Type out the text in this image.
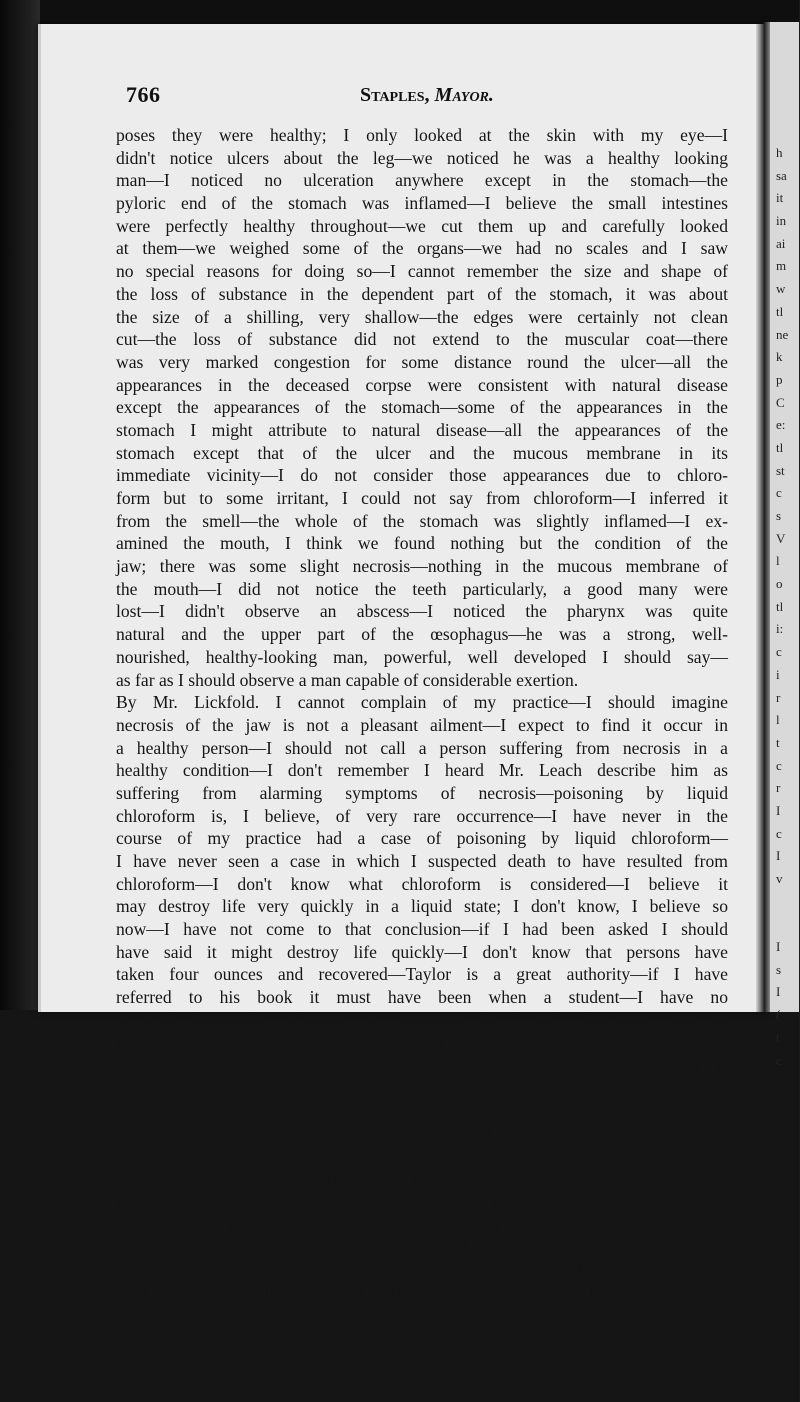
h
sa
it
in
ai
m
w
tl
ne
k
p
C
e:
tl
st
c
s
V
l
o
tl
i:
c
i
r
l
t
c
r
I
c
I
v
I
s
I
(
t
c
766	Staples, Mayor.
poses they were healthy; I only looked at the skin with my eye—I
didn't notice ulcers about the leg—we noticed he was a healthy looking
man—I noticed no ulceration anywhere except in the stomach—the
pyloric end of the stomach was inflamed—I believe the small intestines
were perfectly healthy throughout—we cut them up and carefully looked
at them—we weighed some of the organs—we had no scales and I saw
no special reasons for doing so—I cannot remember the size and shape of
the loss of substance in the dependent part of the stomach, it was about
the size of a shilling, very shallow—the edges were certainly not clean
cut—the loss of substance did not extend to the muscular coat—there
was very marked congestion for some distance round the ulcer—all the
appearances in the deceased corpse were consistent with natural disease
except the appearances of the stomach—some of the appearances in the
stomach I might attribute to natural disease—all the appearances of the
stomach except that of the ulcer and the mucous membrane in its
immediate vicinity—I do not consider those appearances due to chloro-
form but to some irritant, I could not say from chloroform—I inferred it
from the smell—the whole of the stomach was slightly inflamed—I ex-
amined the mouth, I think we found nothing but the condition of the
jaw; there was some slight necrosis—nothing in the mucous membrane of
the mouth—I did not notice the teeth particularly, a good many were
lost—I didn't observe an abscess—I noticed the pharynx was quite
natural and the upper part of the œsophagus—he was a strong, well-
nourished, healthy-looking man, powerful, well developed I should say—
as far as I should observe a man capable of considerable exertion.
By Mr. Lickfold. I cannot complain of my practice—I should imagine
necrosis of the jaw is not a pleasant ailment—I expect to find it occur in
a healthy person—I should not call a person suffering from necrosis in a
healthy condition—I don't remember I heard Mr. Leach describe him as
suffering from alarming symptoms of necrosis—poisoning by liquid
chloroform is, I believe, of very rare occurrence—I have never in the
course of my practice had a case of poisoning by liquid chloroform—
I have never seen a case in which I suspected death to have resulted from
chloroform—I don't know what chloroform is considered—I believe it
may destroy life very quickly in a liquid state; I don't know, I believe so
now—I have not come to that conclusion—if I had been asked I should
have said it might destroy life quickly—I don't know that persons have
taken four ounces and recovered—Taylor is a great authority—if I have
referred to his book it must have been when a student—I have no
personal knowledge whatever of poisoning by liquid chloroform, nor of
the symptoms it produces—ulceration of the stomach does not commonly
follow on gastritis; gastritis is ulceration of the stomach—ulceration is
one of the manifestations of gastritis—ulceration of the stomach will
sometimes cause perforation, and perforation sudden death—what I meant
was that signs of acute inflammation might pass off—signs of acute
inflammation of the stomach might pass off completely or leave only signs
which could not be distinguished from a chronic process—it could not
pass off after death—I quite agree with passage, Taylor on Poisons,
2nd edition, page 163, read to me—I don't know anything about the
theory that chloral hydrate may be turned into chloroform by the action
of the blood alkali—chloral hydrate would not have the slightest smell
of chloroform—if in the stomach, I don't know—I don't remember having
